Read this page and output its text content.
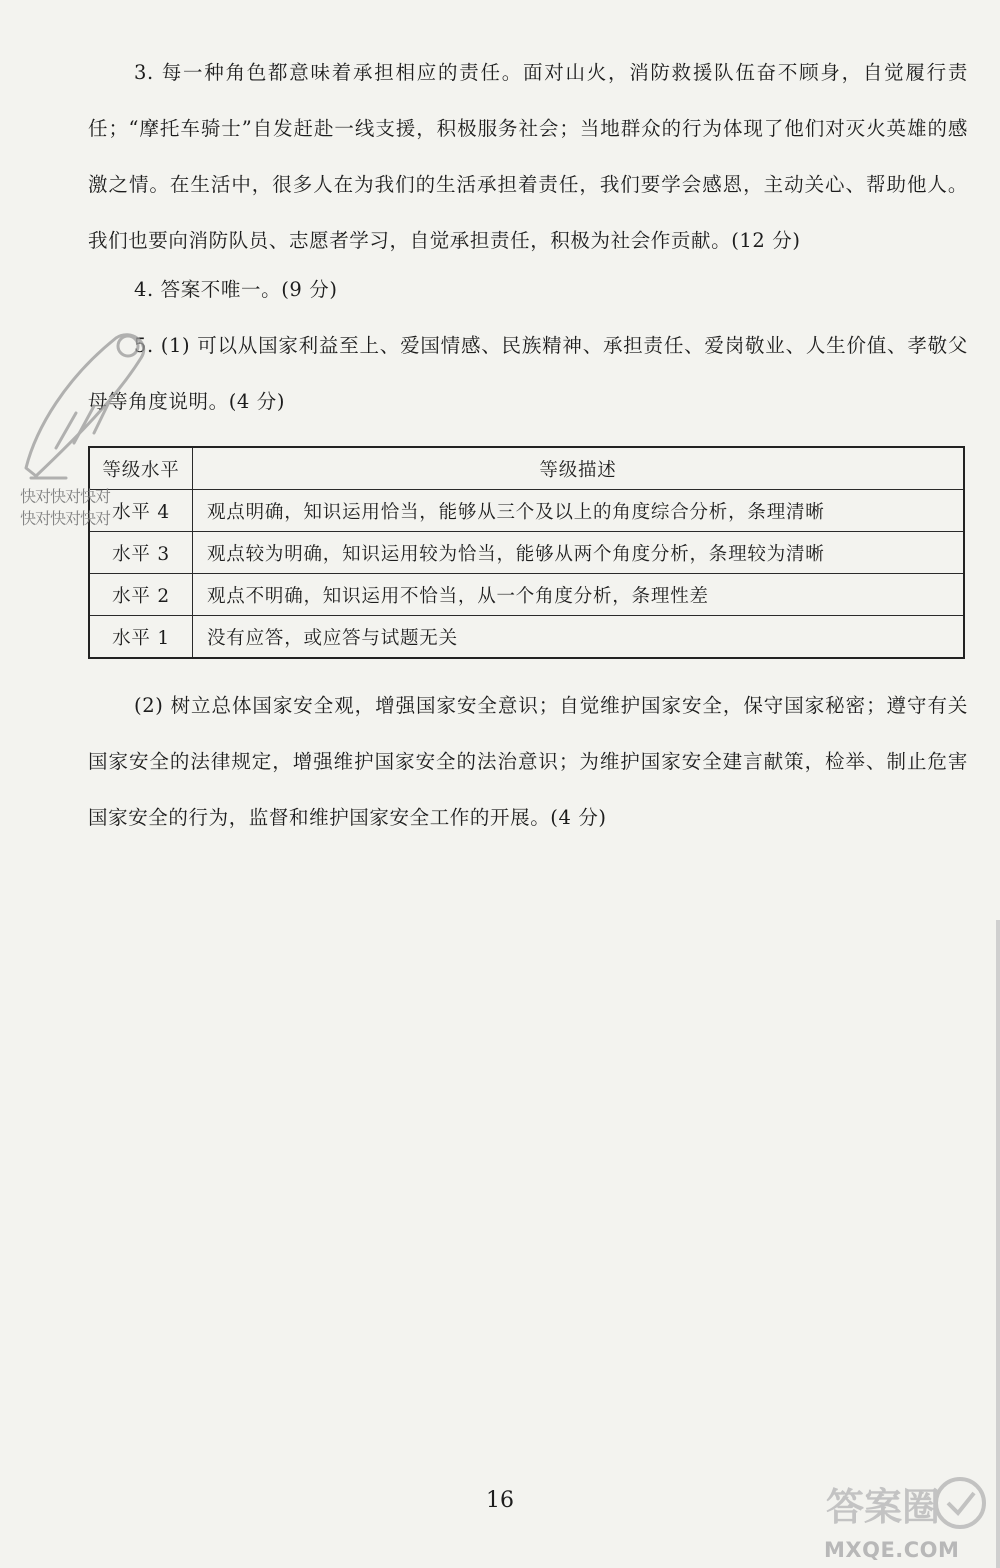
3. 每一种角色都意味着承担相应的责任。面对山火，消防救援队伍奋不顾身，自觉履行责任；“摩托车骑士”自发赶赴一线支援，积极服务社会；当地群众的行为体现了他们对灭火英雄的感激之情。在生活中，很多人在为我们的生活承担着责任，我们要学会感恩，主动关心、帮助他人。我们也要向消防队员、志愿者学习，自觉承担责任，积极为社会作贡献。(12 分)

4. 答案不唯一。(9 分)

5. (1) 可以从国家利益至上、爱国情感、民族精神、承担责任、爱岗敬业、人生价值、孝敬父母等角度说明。(4 分)

等级水平	等级描述
水平 4	观点明确，知识运用恰当，能够从三个及以上的角度综合分析，条理清晰
水平 3	观点较为明确，知识运用较为恰当，能够从两个角度分析，条理较为清晰
水平 2	观点不明确，知识运用不恰当，从一个角度分析，条理性差
水平 1	没有应答，或应答与试题无关

(2) 树立总体国家安全观，增强国家安全意识；自觉维护国家安全，保守国家秘密；遵守有关国家安全的法律规定，增强维护国家安全的法治意识；为维护国家安全建言献策，检举、制止危害国家安全的行为，监督和维护国家安全工作的开展。(4 分)

16
快对快对快对
快对快对快对
答案圈
MXQE.COM
